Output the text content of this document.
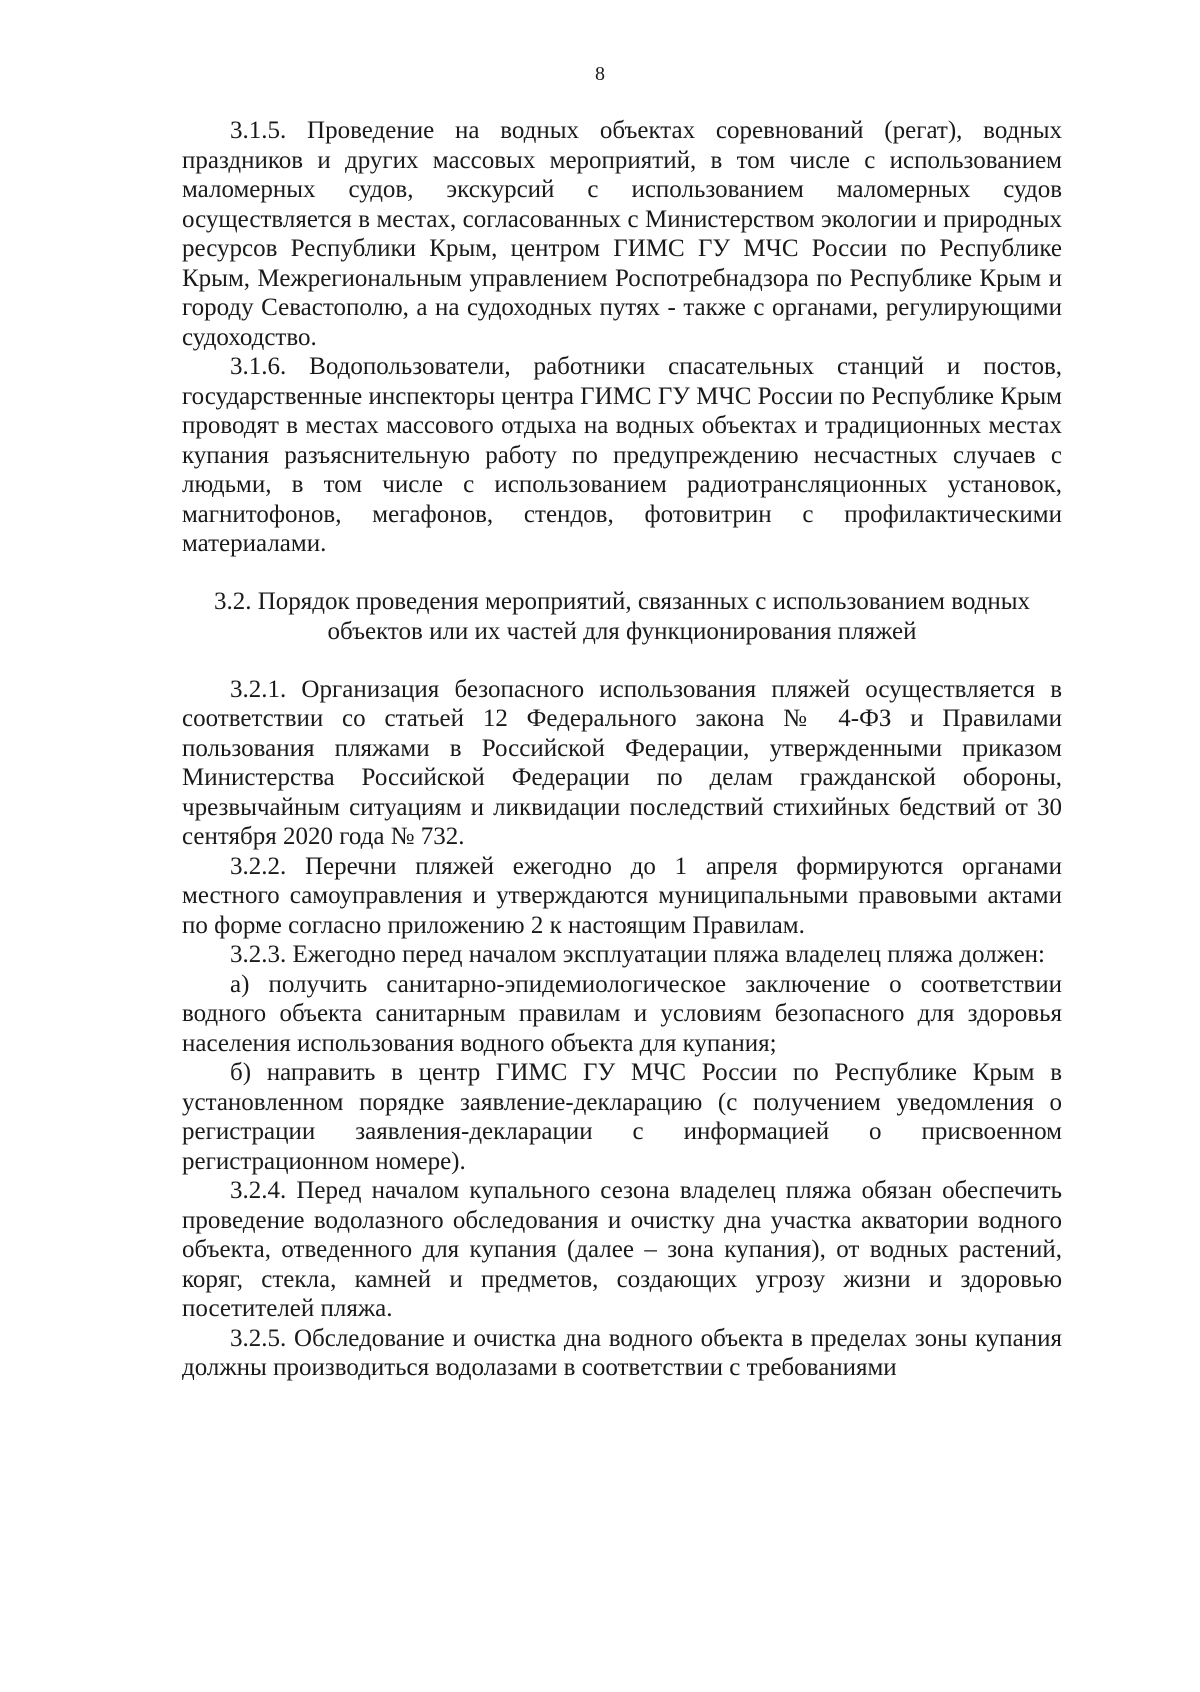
8

3.1.5. Проведение на водных объектах соревнований (регат), водных праздников и других массовых мероприятий, в том числе с использованием маломерных судов, экскурсий с использованием маломерных судов осуществляется в местах, согласованных с Министерством экологии и природных ресурсов Республики Крым, центром ГИМС ГУ МЧС России по Республике Крым, Межрегиональным управлением Роспотребнадзора по Республике Крым и городу Севастополю, а на судоходных путях - также с органами, регулирующими судоходство.

3.1.6. Водопользователи, работники спасательных станций и постов, государственные инспекторы центра ГИМС ГУ МЧС России по Республике Крым проводят в местах массового отдыха на водных объектах и традиционных местах купания разъяснительную работу по предупреждению несчастных случаев с людьми, в том числе с использованием радиотрансляционных установок, магнитофонов, мегафонов, стендов, фотовитрин с профилактическими материалами.

3.2. Порядок проведения мероприятий, связанных с использованием водных объектов или их частей для функционирования пляжей

3.2.1. Организация безопасного использования пляжей осуществляется в соответствии со статьей 12 Федерального закона № 4-ФЗ и Правилами пользования пляжами в Российской Федерации, утвержденными приказом Министерства Российской Федерации по делам гражданской обороны, чрезвычайным ситуациям и ликвидации последствий стихийных бедствий от 30 сентября 2020 года № 732.

3.2.2. Перечни пляжей ежегодно до 1 апреля формируются органами местного самоуправления и утверждаются муниципальными правовыми актами по форме согласно приложению 2 к настоящим Правилам.

3.2.3. Ежегодно перед началом эксплуатации пляжа владелец пляжа должен:

а) получить санитарно-эпидемиологическое заключение о соответствии водного объекта санитарным правилам и условиям безопасного для здоровья населения использования водного объекта для купания;

б) направить в центр ГИМС ГУ МЧС России по Республике Крым в установленном порядке заявление-декларацию (с получением уведомления о регистрации заявления-декларации с информацией о присвоенном регистрационном номере).

3.2.4. Перед началом купального сезона владелец пляжа обязан обеспечить проведение водолазного обследования и очистку дна участка акватории водного объекта, отведенного для купания (далее – зона купания), от водных растений, коряг, стекла, камней и предметов, создающих угрозу жизни и здоровью посетителей пляжа.

3.2.5. Обследование и очистка дна водного объекта в пределах зоны купания должны производиться водолазами в соответствии с требованиями
